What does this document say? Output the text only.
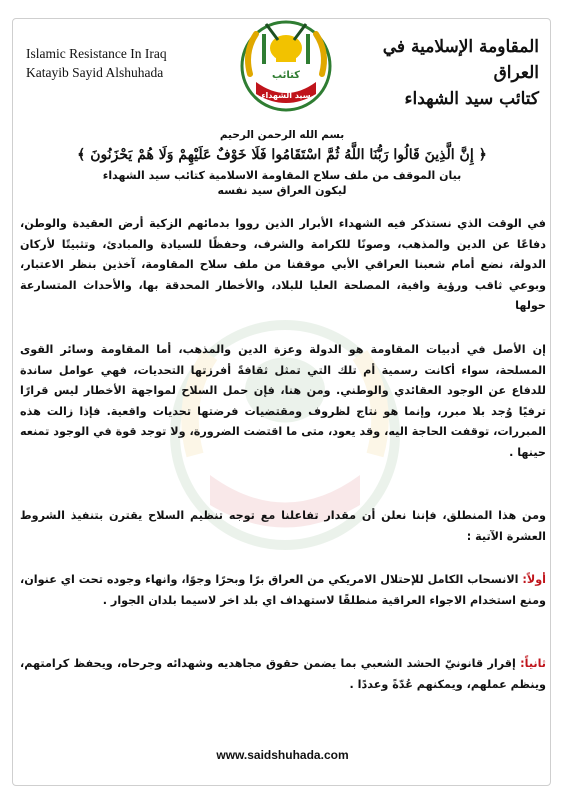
Islamic Resistance In Iraq
Katayib Sayid Alshuhada
المقاومة الإسلامية في العراق
كتائب سيد الشهداء
كتائب
سيد الشهداء

بسم الله الرحمن الرحيم

﴿ إِنَّ الَّذِينَ قَالُوا رَبُّنَا اللَّهُ ثُمَّ اسْتَقَامُوا فَلَا خَوْفٌ عَلَيْهِمْ وَلَا هُمْ يَحْزَنُونَ ﴾

بيان الموقف من ملف سلاح المقاومة الاسلامية كتائب سيد الشهداء

ليكون العراق سيد نفسه

في الوقت الذي نستذكر فيه الشهداء الأبرار الذين رووا بدمائهم الزكية أرض العقيدة والوطن، دفاعًا عن الدين والمذهب، وصونًا للكرامة والشرف، وحفظًا للسيادة والمبادئ، وتثبيتًا لأركان الدولة، نضع أمام شعبنا العراقي الأبي موقفنا من ملف سلاح المقاومة، آخذين بنظر الاعتبار، وبوعي ثاقب ورؤية وافية، المصلحة العليا للبلاد، والأخطار المحدقة بها، والأحداث المتسارعة حولها

إن الأصل في أدبيات المقاومة هو الدولة وعزة الدين والمذهب، أما المقاومة وسائر القوى المسلحة، سواء أكانت رسمية أم تلك التي تمثل ثقافةً أفرزتها التحديات، فهي عوامل ساندة للدفاع عن الوجود العقائدي والوطني. ومن هنا، فإن حمل السلاح لمواجهة الأخطار ليس قرارًا ترفيًا وُجد بلا مبرر، وإنما هو نتاج لظروف ومقتضيات فرضتها تحديات واقعية. فإذا زالت هذه المبررات، توقفت الحاجة اليه، وقد يعود، متى ما اقتضت الضرورة، ولا توجد قوة في الوجود تمنعه حينها .

ومن هذا المنطلق، فإننا نعلن أن مقدار تفاعلنا مع توجه تنظيم السلاح يقترن بتنفيذ الشروط العشرة الآتية :

أولاً: الانسحاب الكامل للإحتلال الامريكي من العراق برًا وبحرًا وجوًا، وانهاء وجوده تحت اي عنوان، ومنع استخدام الاجواء العراقية منطلقًا لاستهداف اي بلد اخر لاسيما بلدان الجوار .

ثانياً: إقرار قانونيّ الحشد الشعبي بما يضمن حقوق مجاهديه وشهدائه وجرحاه، ويحفظ كرامتهم، وينظم عملهم، ويمكنهم عُدّةً وعددًا .

www.saidshuhada.com
